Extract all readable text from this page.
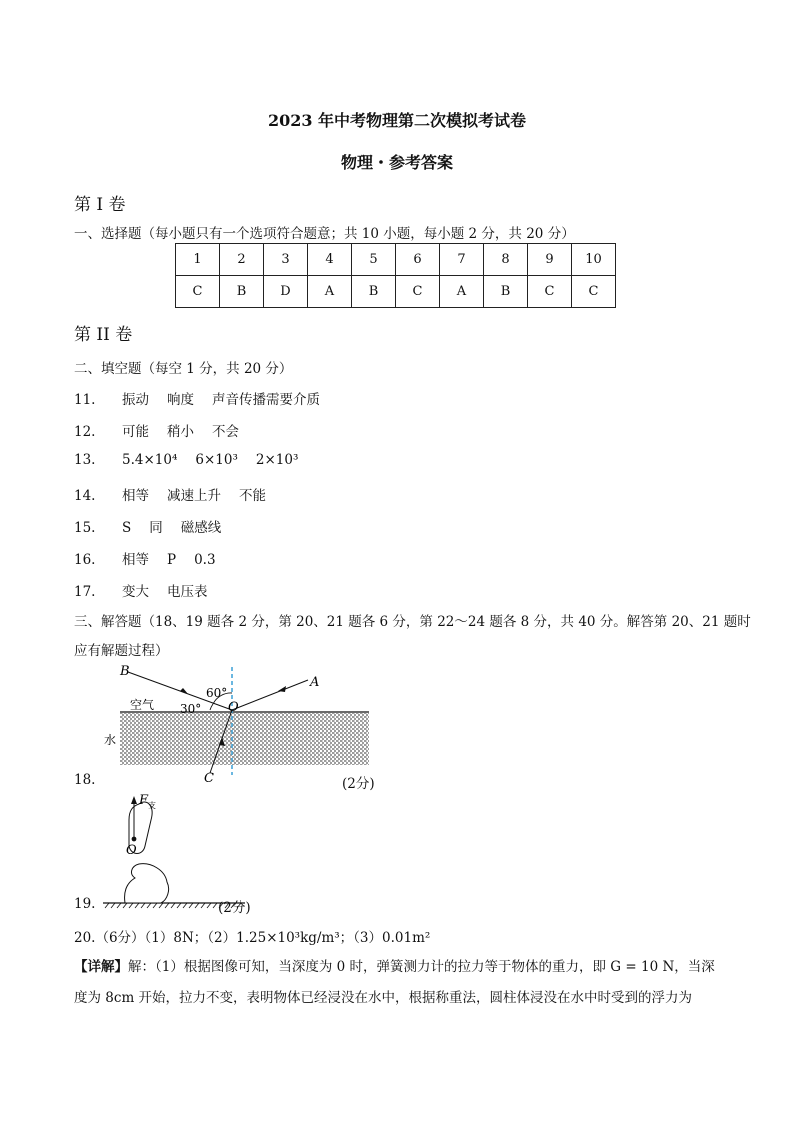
2023 年中考物理第二次模拟考试卷
物理・参考答案
第 I 卷
一、选择题（每小题只有一个选项符合题意；共 10 小题，每小题 2 分，共 20 分）
1	2	3	4	5	6	7	8	9	10
C	B	D	A	B	C	A	B	C	C
第 II 卷
二、填空题（每空 1 分，共 20 分）
11. 振动 响度 声音传播需要介质
12. 可能 稍小 不会
13. 5.4×10⁴ 6×10³ 2×10³
14. 相等 减速上升 不能
15. S 同 磁感线
16. 相等 P 0.3
17. 变大 电压表
三、解答题（18、19 题各 2 分，第 20、21 题各 6 分，第 22～24 题各 8 分，共 40 分。解答第 20、21 题时
应有解题过程）
B
A
O
C
60°
30°
空气
水
18.	(2分)
F 支
O
19.	(2分)
20.（6分）（1）8N；（2）1.25×10³kg/m³；（3）0.01m²
【详解】解：（1）根据图像可知，当深度为 0 时，弹簧测力计的拉力等于物体的重力，即 G = 10 N，当深度为 8cm 开始，拉力不变，表明物体已经浸没在水中，根据称重法，圆柱体浸没在水中时受到的浮力为
